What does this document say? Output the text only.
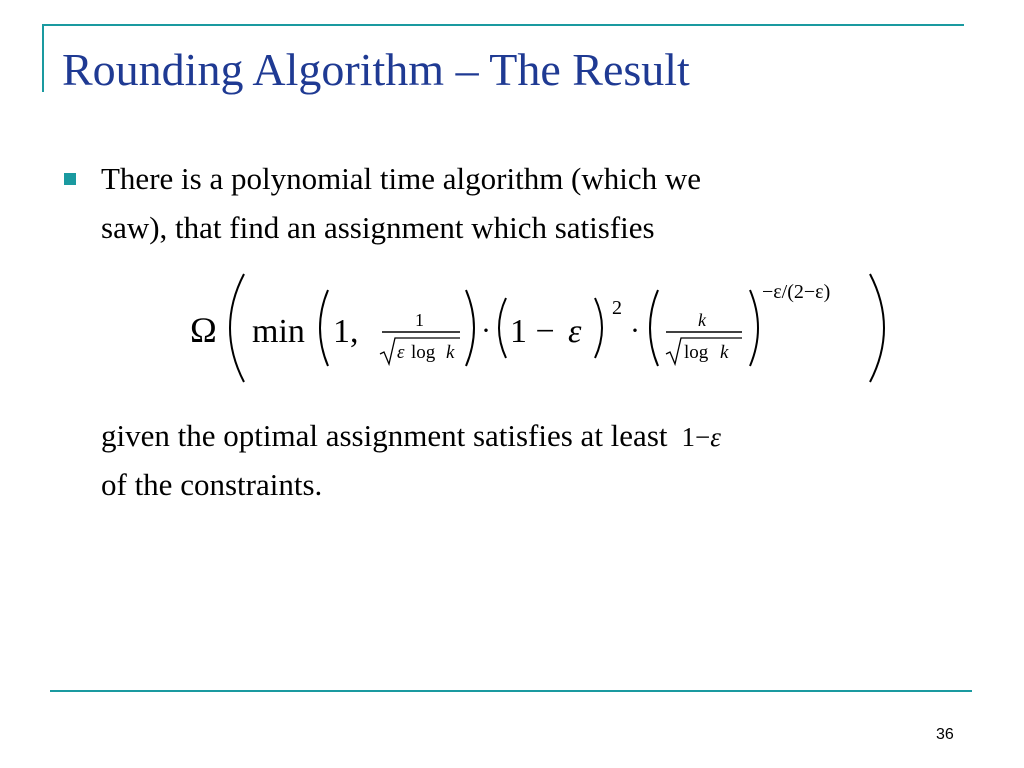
Rounding Algorithm – The Result
There is a polynomial time algorithm (which we
saw), that find an assignment which satisfies
Ω min 1,	1
ε log k
· 1 − ε
2
·	k
log k
−ε/(2−ε)
given the optimal assignment satisfies at least 1−ε
of the constraints.
36
